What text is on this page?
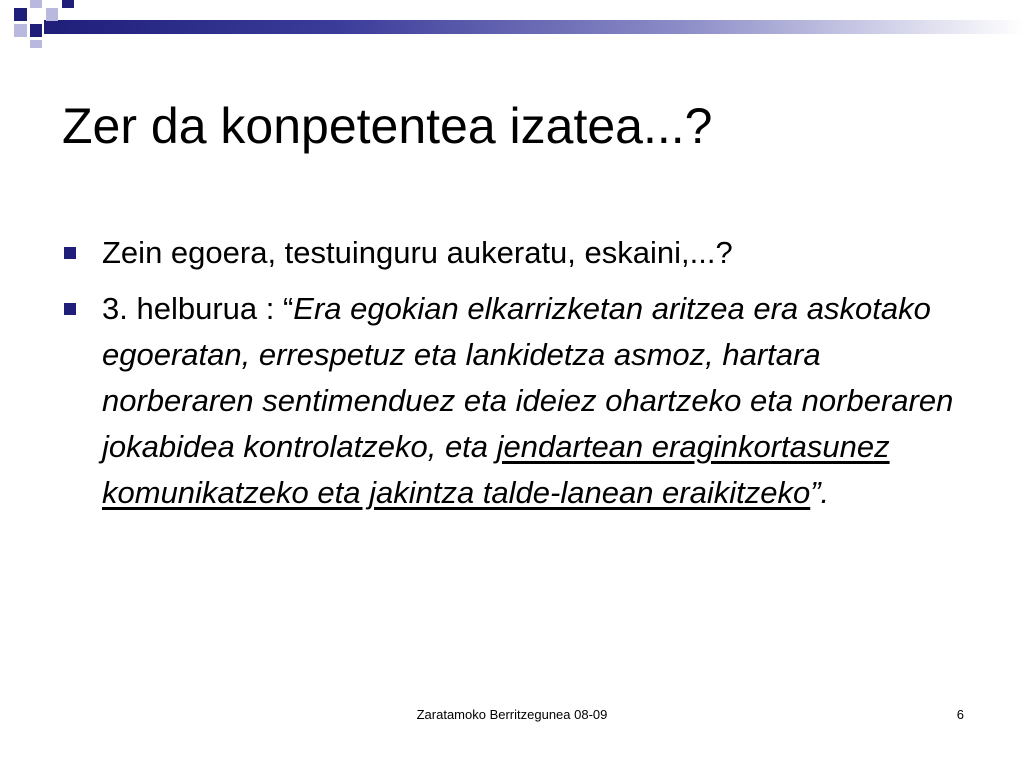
Zer da konpetentea izatea...?
Zein egoera, testuinguru aukeratu, eskaini,...?
3. helburua : “Era egokian elkarrizketan aritzea era askotako egoeratan, errespetuz eta lankidetza asmoz, hartara norberaren sentimenduez eta ideiez ohartzeko eta norberaren jokabidea kontrolatzeko, eta jendartean eraginkortasunez komunikatzeko eta jakintza talde-lanean eraikitzeko”.
Zaratamoko Berritzegunea 08-09	6
